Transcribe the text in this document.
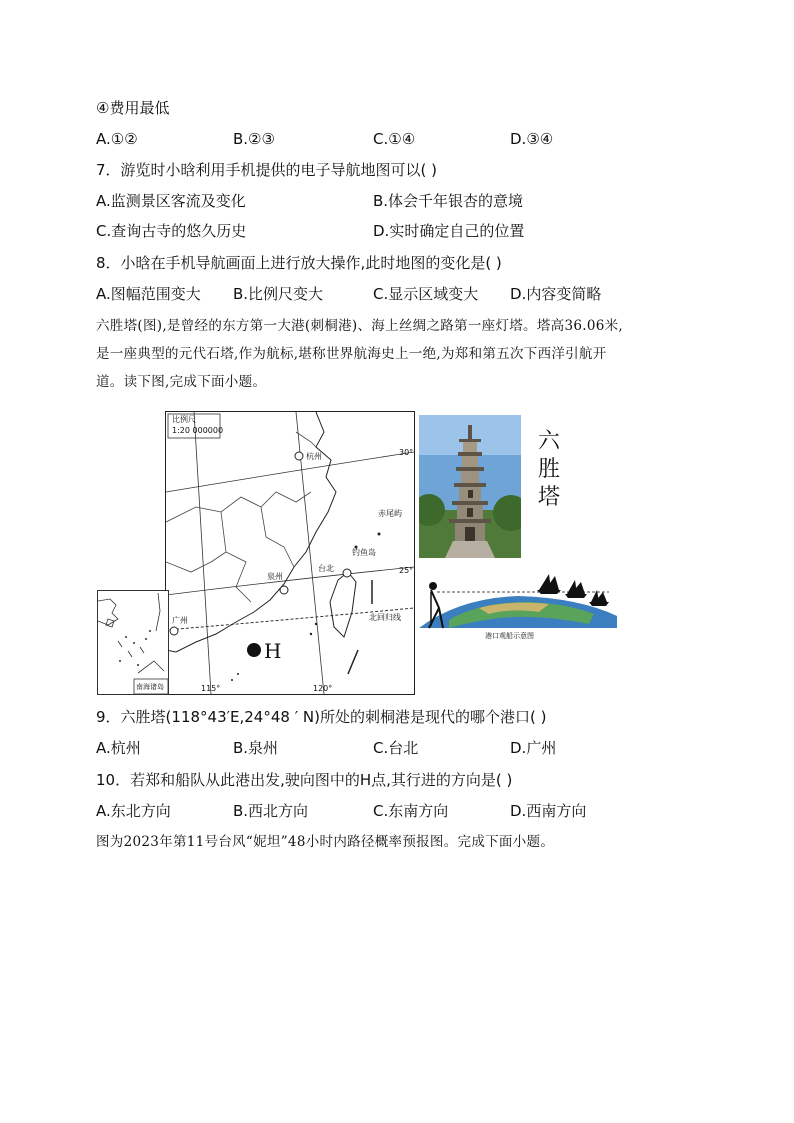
④费用最低
A.①②	B.②③	C.①④	D.③④
7．游览时小晗利用手机提供的电子导航地图可以( )
A.监测景区客流及变化	B.体会千年银杏的意境
C.查询古寺的悠久历史	D.实时确定自己的位置
8．小晗在手机导航画面上进行放大操作,此时地图的变化是( )
A.图幅范围变大 B.比例尺变大	C.显示区域变大 D.内容变简略
六胜塔(图),是曾经的东方第一大港(刺桐港)、海上丝绸之路第一座灯塔。塔高36.06米,
是一座典型的元代石塔,作为航标,堪称世界航海史上一绝,为郑和第五次下西洋引航开
道。读下图,完成下面小题。
比例尺
1:20 000000
30°
25°
115°	120°
杭州
泉州
台北
广州
钓鱼岛
赤尾屿
北回归线
H
南海诸岛
六胜塔
港口观船示意图
9．六胜塔(118°43′E,24°48 ′ N)所处的刺桐港是现代的哪个港口( )
A.杭州	B.泉州	C.台北	D.广州
10．若郑和船队从此港出发,驶向图中的H点,其行进的方向是( )
A.东北方向	B.西北方向	C.东南方向	D.西南方向
图为2023年第11号台风“妮坦”48小时内路径概率预报图。完成下面小题。
